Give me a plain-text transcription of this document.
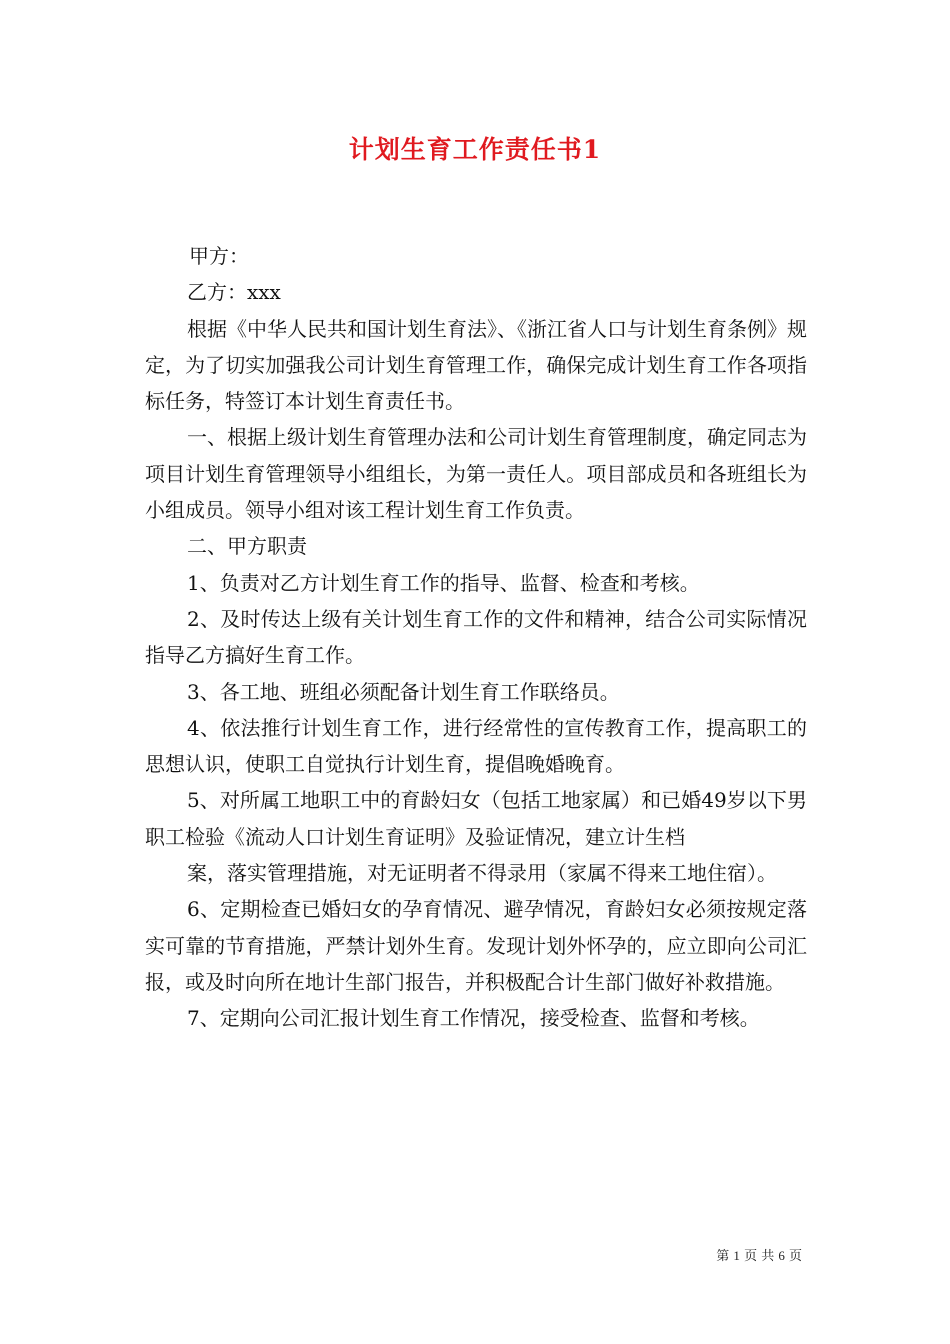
计划生育工作责任书1

甲方：

乙方：xxx

根据《中华人民共和国计划生育法》、《浙江省人口与计划生育条例》规定，为了切实加强我公司计划生育管理工作，确保完成计划生育工作各项指标任务，特签订本计划生育责任书。

一、根据上级计划生育管理办法和公司计划生育管理制度，确定同志为项目计划生育管理领导小组组长，为第一责任人。项目部成员和各班组长为小组成员。领导小组对该工程计划生育工作负责。

二、甲方职责

1、负责对乙方计划生育工作的指导、监督、检查和考核。

2、及时传达上级有关计划生育工作的文件和精神，结合公司实际情况指导乙方搞好生育工作。

3、各工地、班组必须配备计划生育工作联络员。

4、依法推行计划生育工作，进行经常性的宣传教育工作，提高职工的思想认识，使职工自觉执行计划生育，提倡晚婚晚育。

5、对所属工地职工中的育龄妇女（包括工地家属）和已婚49岁以下男职工检验《流动人口计划生育证明》及验证情况，建立计生档

案，落实管理措施，对无证明者不得录用（家属不得来工地住宿）。

6、定期检查已婚妇女的孕育情况、避孕情况，育龄妇女必须按规定落实可靠的节育措施，严禁计划外生育。发现计划外怀孕的，应立即向公司汇报，或及时向所在地计生部门报告，并积极配合计生部门做好补救措施。

7、定期向公司汇报计划生育工作情况，接受检查、监督和考核。

第 1 页 共 6 页
